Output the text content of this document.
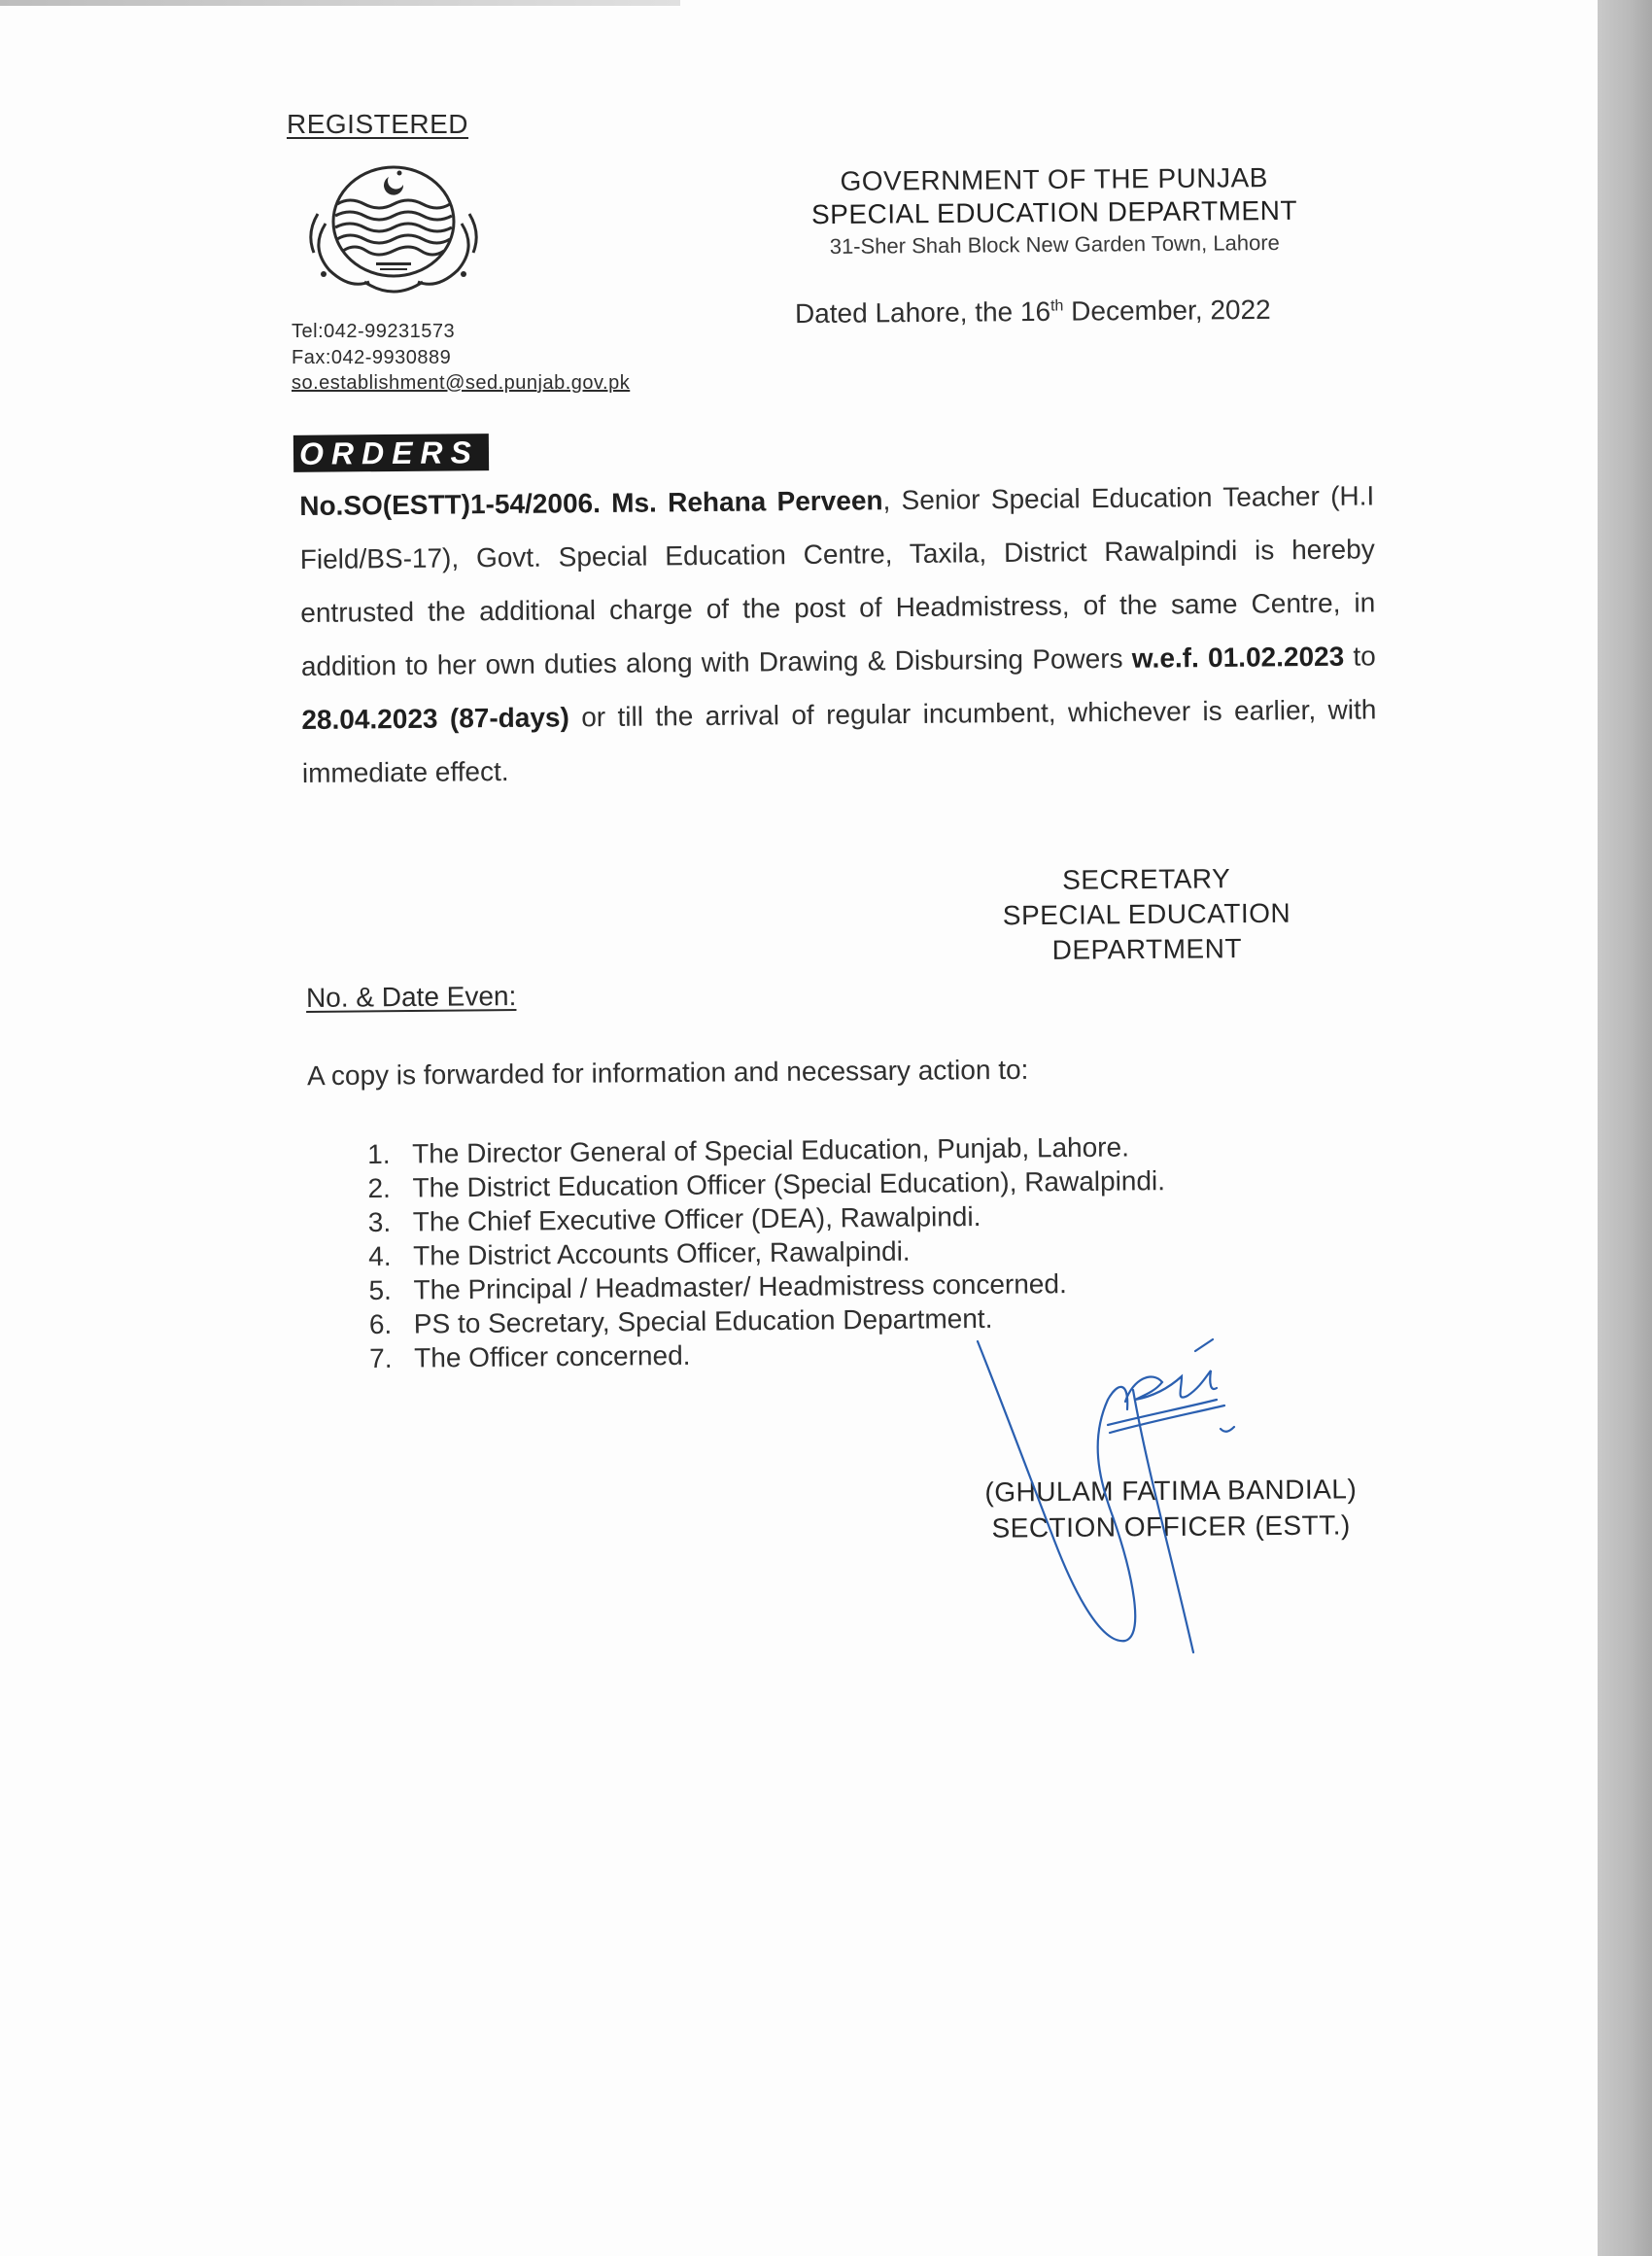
REGISTERED
Tel:042-99231573
Fax:042-9930889
so.establishment@sed.punjab.gov.pk
GOVERNMENT OF THE PUNJAB
SPECIAL EDUCATION DEPARTMENT
31-Sher Shah Block New Garden Town, Lahore
Dated Lahore, the 16th December, 2022
ORDERS
No.SO(ESTT)1-54/2006. Ms. Rehana Perveen, Senior Special Education Teacher (H.I Field/BS-17), Govt. Special Education Centre, Taxila, District Rawalpindi is hereby entrusted the additional charge of the post of Headmistress, of the same Centre, in addition to her own duties along with Drawing & Disbursing Powers w.e.f. 01.02.2023 to 28.04.2023 (87-days) or till the arrival of regular incumbent, whichever is earlier, with immediate effect.
SECRETARY
SPECIAL EDUCATION
DEPARTMENT
No. & Date Even:
A copy is forwarded for information and necessary action to:
1. The Director General of Special Education, Punjab, Lahore.
2. The District Education Officer (Special Education), Rawalpindi.
3. The Chief Executive Officer (DEA), Rawalpindi.
4. The District Accounts Officer, Rawalpindi.
5. The Principal / Headmaster/ Headmistress concerned.
6. PS to Secretary, Special Education Department.
7. The Officer concerned.
(GHULAM FATIMA BANDIAL)
SECTION OFFICER (ESTT.)
